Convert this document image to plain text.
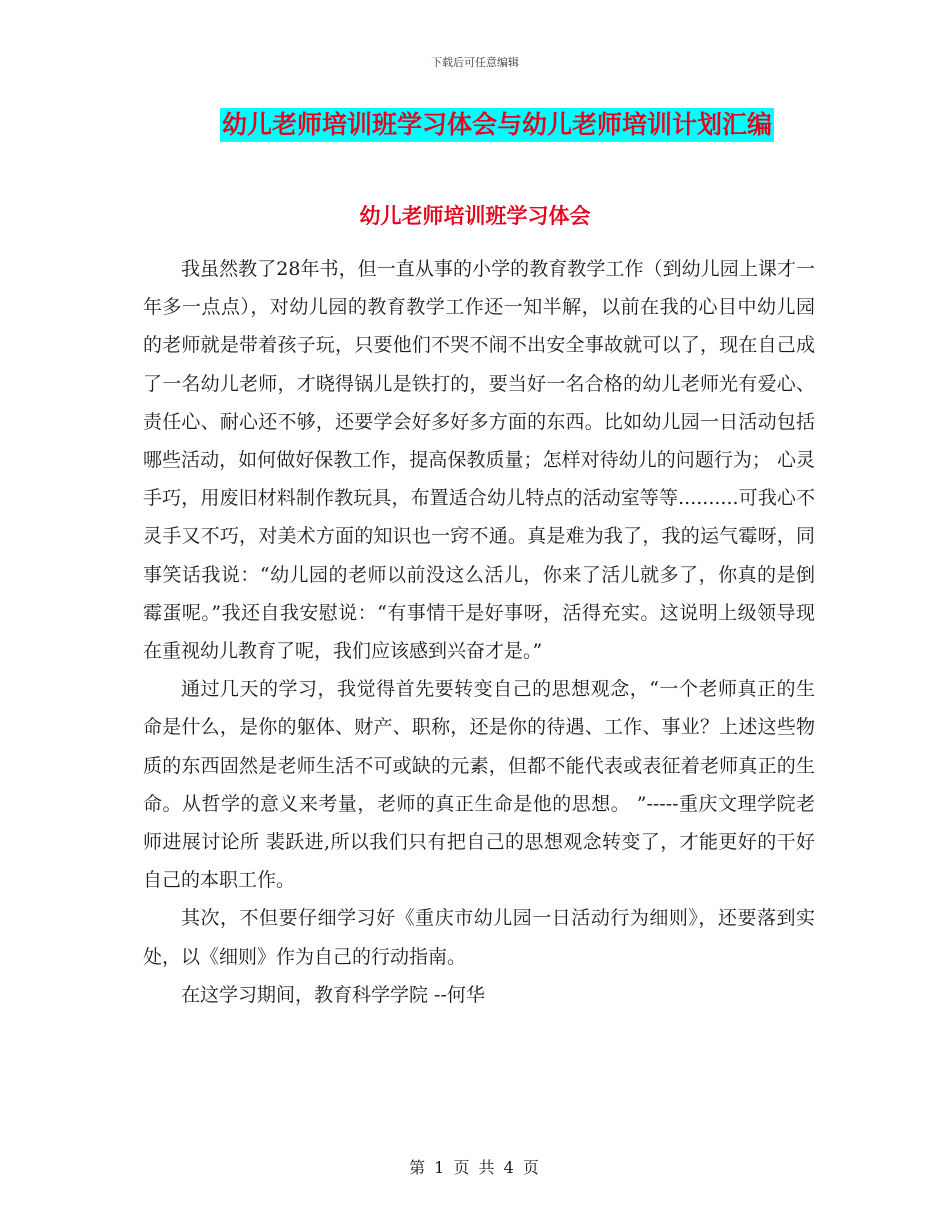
下载后可任意编辑
幼儿老师培训班学习体会与幼儿老师培训计划汇编
幼儿老师培训班学习体会

我虽然教了28年书，但一直从事的小学的教育教学工作（到幼儿园上课才一年多一点点），对幼儿园的教育教学工作还一知半解，以前在我的心目中幼儿园的老师就是带着孩子玩，只要他们不哭不闹不出安全事故就可以了，现在自己成了一名幼儿老师，才晓得锅儿是铁打的，要当好一名合格的幼儿老师光有爱心、责任心、耐心还不够，还要学会好多好多方面的东西。比如幼儿园一日活动包括哪些活动，如何做好保教工作，提高保教质量；怎样对待幼儿的问题行为； 心灵手巧，用废旧材料制作教玩具，布置适合幼儿特点的活动室等等..........可我心不灵手又不巧，对美术方面的知识也一窍不通。真是难为我了，我的运气霉呀，同事笑话我说：“幼儿园的老师以前没这么活儿，你来了活儿就多了，你真的是倒霉蛋呢。”我还自我安慰说：“有事情干是好事呀，活得充实。这说明上级领导现在重视幼儿教育了呢，我们应该感到兴奋才是。”

通过几天的学习，我觉得首先要转变自己的思想观念，“一个老师真正的生命是什么，是你的躯体、财产、职称，还是你的待遇、工作、事业？上述这些物质的东西固然是老师生活不可或缺的元素，但都不能代表或表征着老师真正的生命。从哲学的意义来考量，老师的真正生命是他的思想。 ”-----重庆文理学院老师进展讨论所 裴跃进,所以我们只有把自己的思想观念转变了，才能更好的干好自己的本职工作。

其次，不但要仔细学习好《重庆市幼儿园一日活动行为细则》，还要落到实处，以《细则》作为自己的行动指南。

在这学习期间，教育科学学院 --何华

第 1 页 共 4 页
